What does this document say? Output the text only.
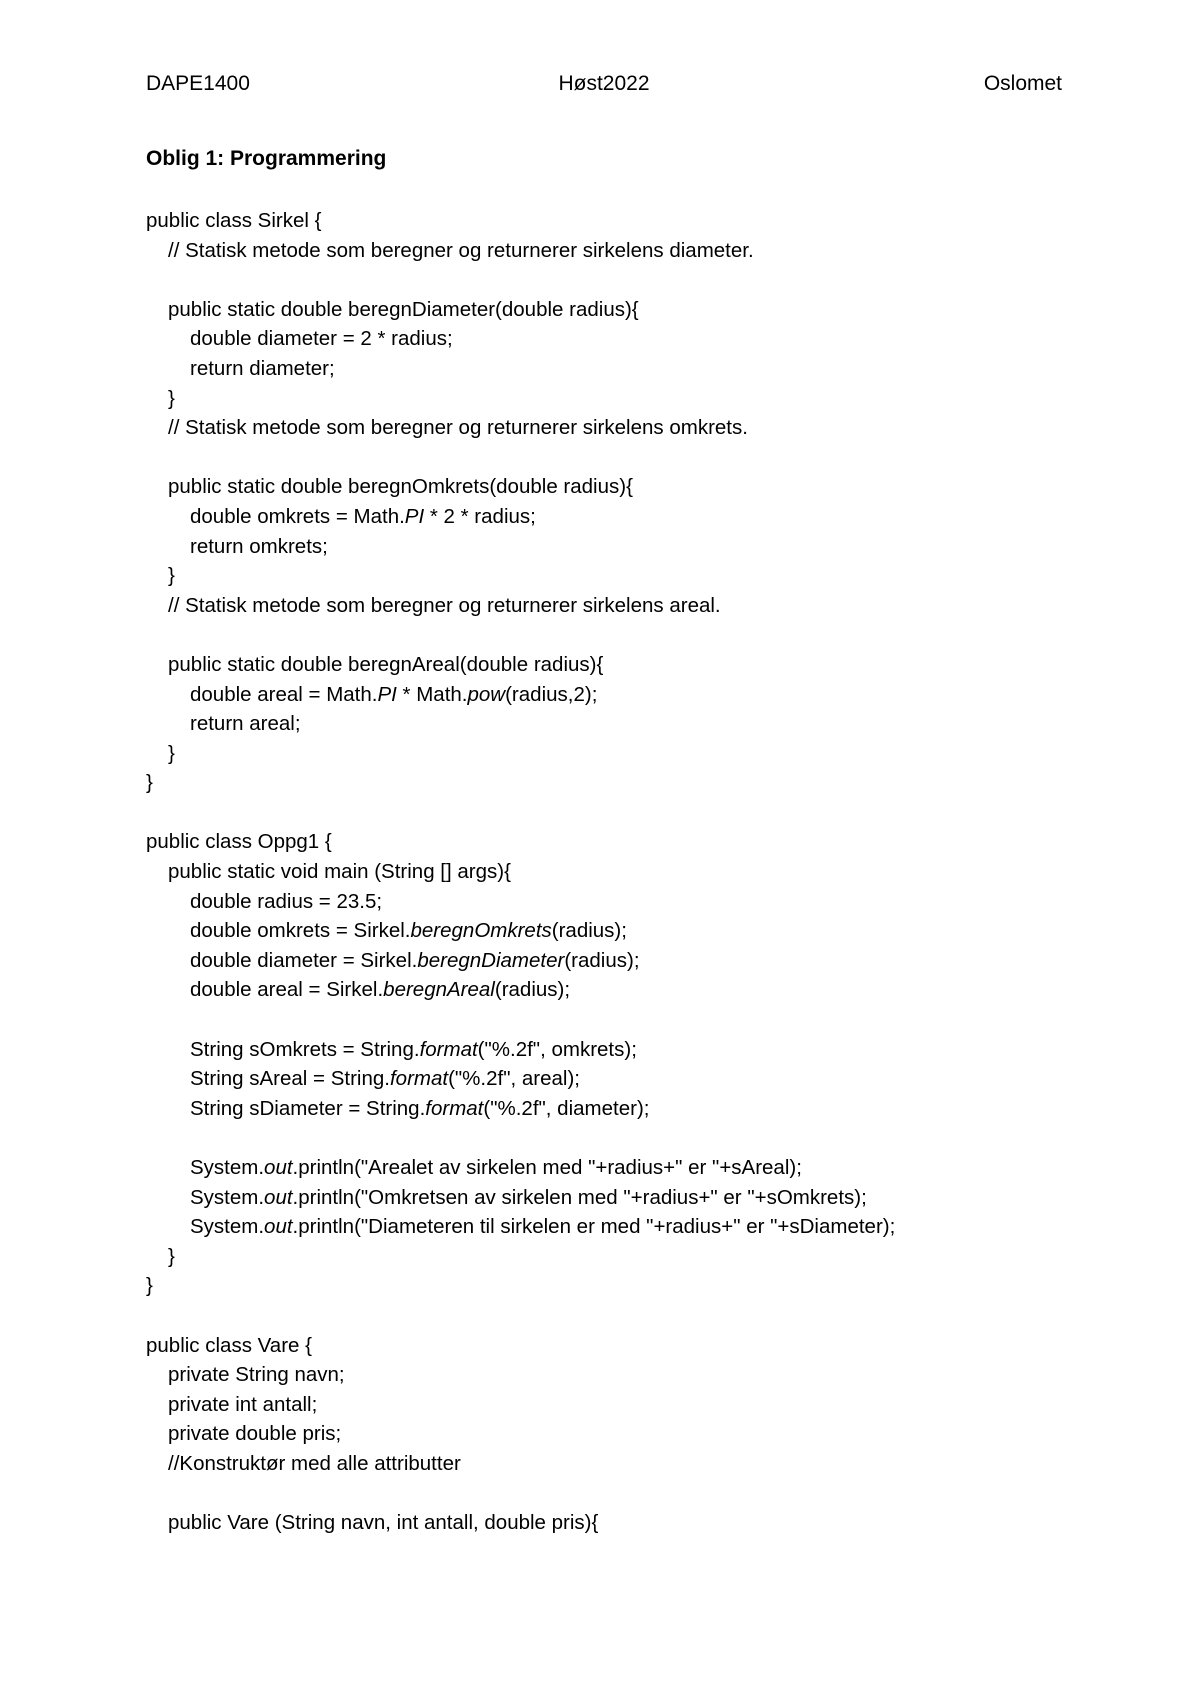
DAPE1400	Høst2022	Oslomet
Oblig 1: Programmering
public class Sirkel {
// Statisk metode som beregner og returnerer sirkelens diameter.
public static double beregnDiameter(double radius){
double diameter = 2 * radius;
return diameter;
}
// Statisk metode som beregner og returnerer sirkelens omkrets.
public static double beregnOmkrets(double radius){
double omkrets = Math.PI * 2 * radius;
return omkrets;
}
// Statisk metode som beregner og returnerer sirkelens areal.
public static double beregnAreal(double radius){
double areal = Math.PI * Math.pow(radius,2);
return areal;
}
}
public class Oppg1 {
public static void main (String [] args){
double radius = 23.5;
double omkrets = Sirkel.beregnOmkrets(radius);
double diameter = Sirkel.beregnDiameter(radius);
double areal = Sirkel.beregnAreal(radius);
String sOmkrets = String.format("%.2f", omkrets);
String sAreal = String.format("%.2f", areal);
String sDiameter = String.format("%.2f", diameter);
System.out.println("Arealet av sirkelen med "+radius+" er "+sAreal);
System.out.println("Omkretsen av sirkelen med "+radius+" er "+sOmkrets);
System.out.println("Diameteren til sirkelen er med "+radius+" er "+sDiameter);
}
}
public class Vare {
private String navn;
private int antall;
private double pris;
//Konstruktør med alle attributter
public Vare (String navn, int antall, double pris){
